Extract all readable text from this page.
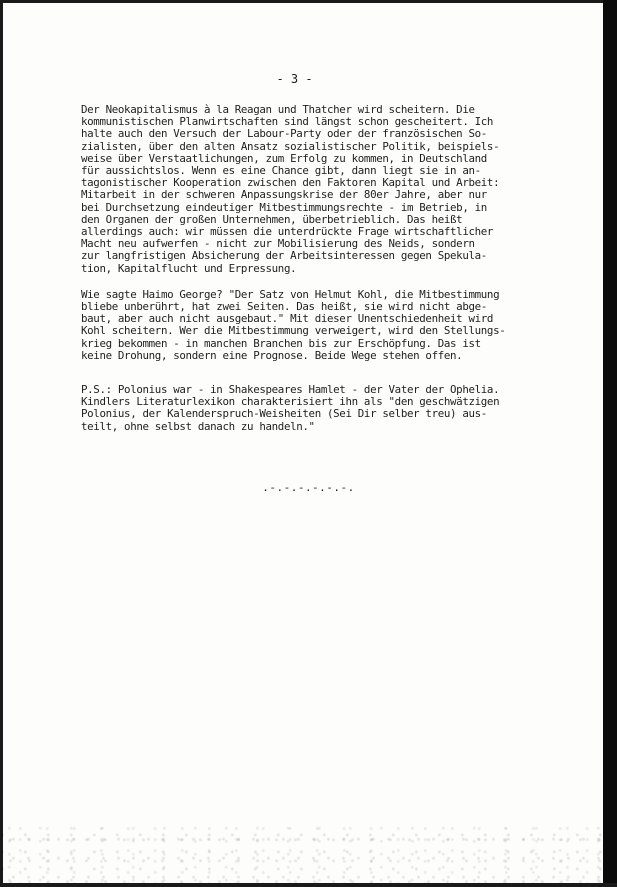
- 3 -
Der Neokapitalismus à la Reagan und Thatcher wird scheitern. Die
kommunistischen Planwirtschaften sind längst schon gescheitert. Ich
halte auch den Versuch der Labour-Party oder der französischen So-
zialisten, über den alten Ansatz sozialistischer Politik, beispiels-
weise über Verstaatlichungen, zum Erfolg zu kommen, in Deutschland
für aussichtslos. Wenn es eine Chance gibt, dann liegt sie in an-
tagonistischer Kooperation zwischen den Faktoren Kapital und Arbeit:
Mitarbeit in der schweren Anpassungskrise der 80er Jahre, aber nur
bei Durchsetzung eindeutiger Mitbestimmungsrechte - im Betrieb, in
den Organen der großen Unternehmen, überbetrieblich. Das heißt
allerdings auch: wir müssen die unterdrückte Frage wirtschaftlicher
Macht neu aufwerfen - nicht zur Mobilisierung des Neids, sondern
zur langfristigen Absicherung der Arbeitsinteressen gegen Spekula-
tion, Kapitalflucht und Erpressung.
Wie sagte Haimo George? "Der Satz von Helmut Kohl, die Mitbestimmung
bliebe unberührt, hat zwei Seiten. Das heißt, sie wird nicht abge-
baut, aber auch nicht ausgebaut." Mit dieser Unentschiedenheit wird
Kohl scheitern. Wer die Mitbestimmung verweigert, wird den Stellungs-
krieg bekommen - in manchen Branchen bis zur Erschöpfung. Das ist
keine Drohung, sondern eine Prognose. Beide Wege stehen offen.
P.S.: Polonius war - in Shakespeares Hamlet - der Vater der Ophelia.
Kindlers Literaturlexikon charakterisiert ihn als "den geschwätzigen
Polonius, der Kalenderspruch-Weisheiten (Sei Dir selber treu) aus-
teilt, ohne selbst danach zu handeln."
.-.-.-.-.-.-.
